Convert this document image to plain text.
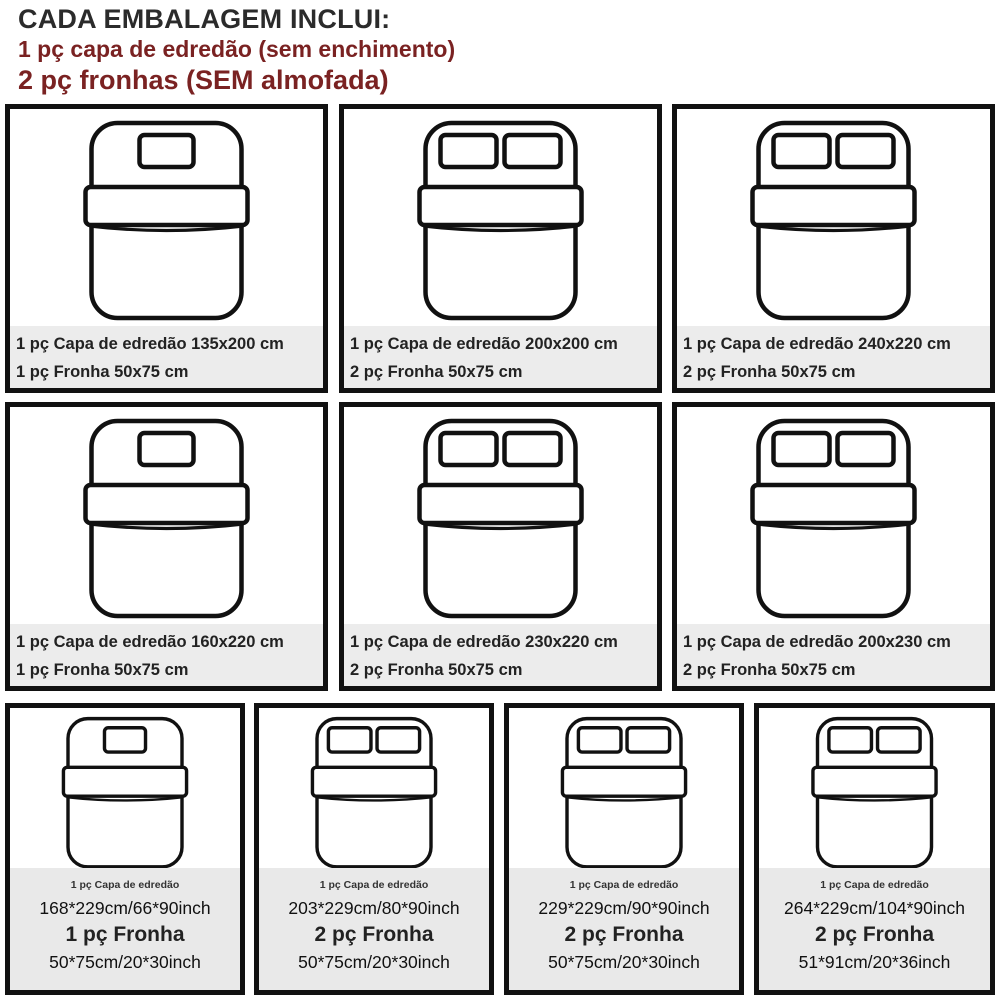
CADA EMBALAGEM INCLUI:
1 pç capa de edredão (sem enchimento)
2 pç fronhas (SEM almofada)
1 pç Capa de edredão 135x200 cm
1 pç Fronha 50x75 cm
1 pç Capa de edredão 200x200 cm
2 pç Fronha 50x75 cm
1 pç Capa de edredão 240x220 cm
2 pç Fronha 50x75 cm
1 pç Capa de edredão 160x220 cm
1 pç Fronha 50x75 cm
1 pç Capa de edredão 230x220 cm
2 pç Fronha 50x75 cm
1 pç Capa de edredão 200x230 cm
2 pç Fronha 50x75 cm
1 pç Capa de edredão
168*229cm/66*90inch
1 pç Fronha
50*75cm/20*30inch
1 pç Capa de edredão
203*229cm/80*90inch
2 pç Fronha
50*75cm/20*30inch
1 pç Capa de edredão
229*229cm/90*90inch
2 pç Fronha
50*75cm/20*30inch
1 pç Capa de edredão
264*229cm/104*90inch
2 pç Fronha
51*91cm/20*36inch
